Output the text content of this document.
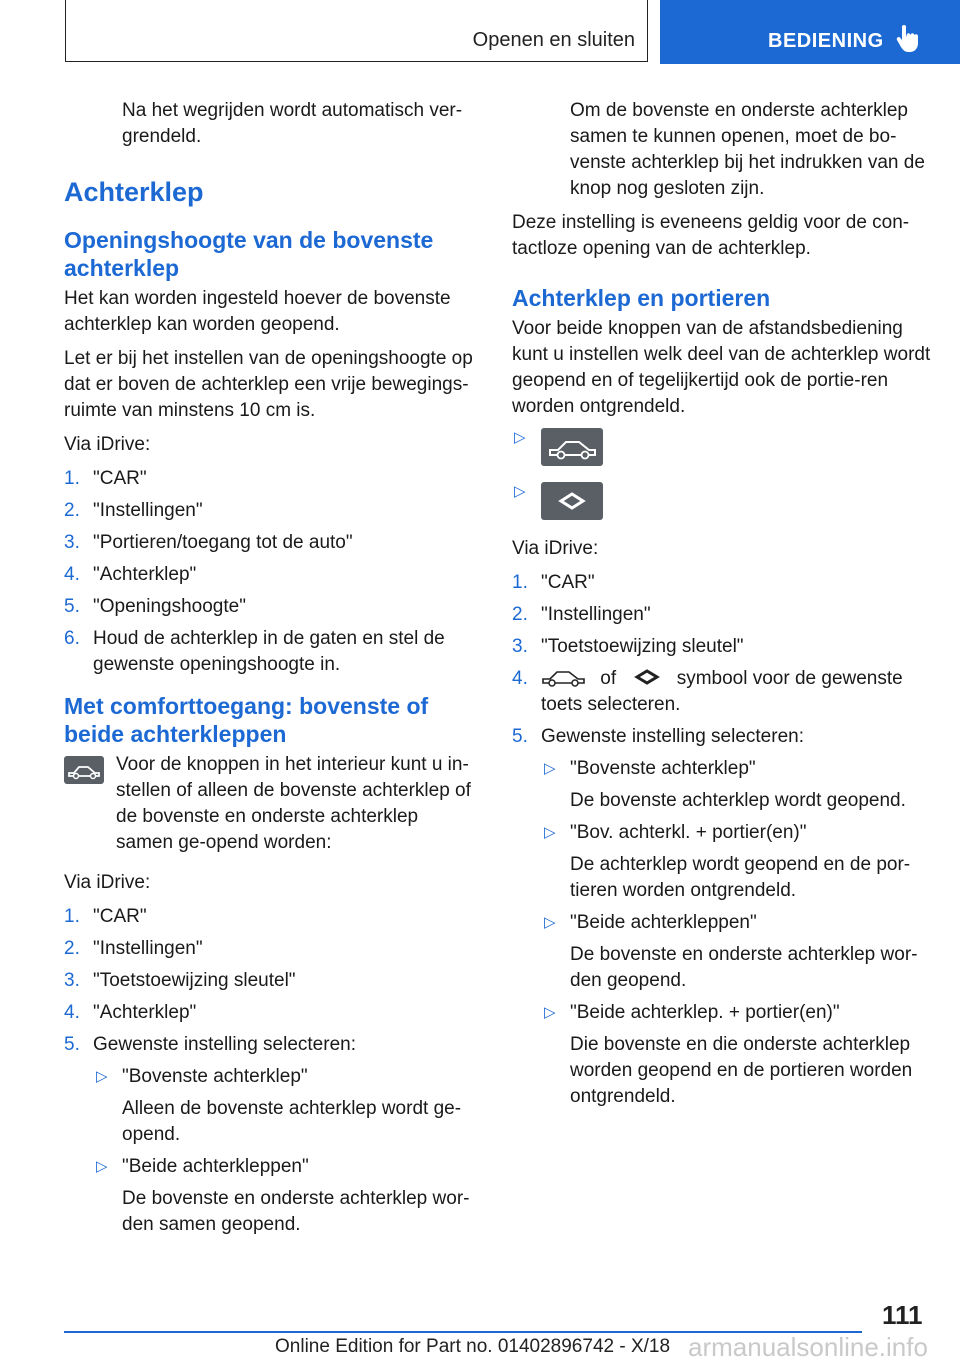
Openen en sluiten	BEDIENING

Na het wegrijden wordt automatisch ver-grendeld.

Achterklep
Openingshoogte van de bovenste achterklep

Het kan worden ingesteld hoever de bovenste achterklep kan worden geopend.

Let er bij het instellen van de openingshoogte op dat er boven de achterklep een vrije bewegings-ruimte van minstens 10 cm is.

Via iDrive:

1. "CAR"
2. "Instellingen"
3. "Portieren/toegang tot de auto"
4. "Achterklep"
5. "Openingshoogte"
6. Houd de achterklep in de gaten en stel de gewenste openingshoogte in.
Met comforttoegang: bovenste of beide achterkleppen

Voor de knoppen in het interieur kunt u in-stellen of alleen de bovenste achterklep of de bovenste en onderste achterklep samen ge-opend worden:

Via iDrive:

1. "CAR"
2. "Instellingen"
3. "Toetstoewijzing sleutel"
4. "Achterklep"
5. Gewenste instelling selecteren:
▷ "Bovenste achterklep"
Alleen de bovenste achterklep wordt ge-opend.
▷ "Beide achterkleppen"
De bovenste en onderste achterklep wor-den samen geopend.

Om de bovenste en onderste achterklep samen te kunnen openen, moet de bo-venste achterklep bij het indrukken van de knop nog gesloten zijn.

Deze instelling is eveneens geldig voor de con-tactloze opening van de achterklep.

Achterklep en portieren

Voor beide knoppen van de afstandsbediening kunt u instellen welk deel van de achterklep wordt geopend en of tegelijkertijd ook de portie-ren worden ontgrendeld.

▷
▷

Via iDrive:

1. "CAR"
2. "Instellingen"
3. "Toetstoewijzing sleutel"
4.	of	symbool voor de gewenste toets selecteren.
5. Gewenste instelling selecteren:
▷ "Bovenste achterklep"
De bovenste achterklep wordt geopend.
▷ "Bov. achterkl. + portier(en)"
De achterklep wordt geopend en de por-tieren worden ontgrendeld.
▷ "Beide achterkleppen"
De bovenste en onderste achterklep wor-den geopend.
▷ "Beide achterklep. + portier(en)"
Die bovenste en die onderste achterklep worden geopend en de portieren worden ontgrendeld.
111
Online Edition for Part no. 01402896742 - X/18 armanualsonline.info
